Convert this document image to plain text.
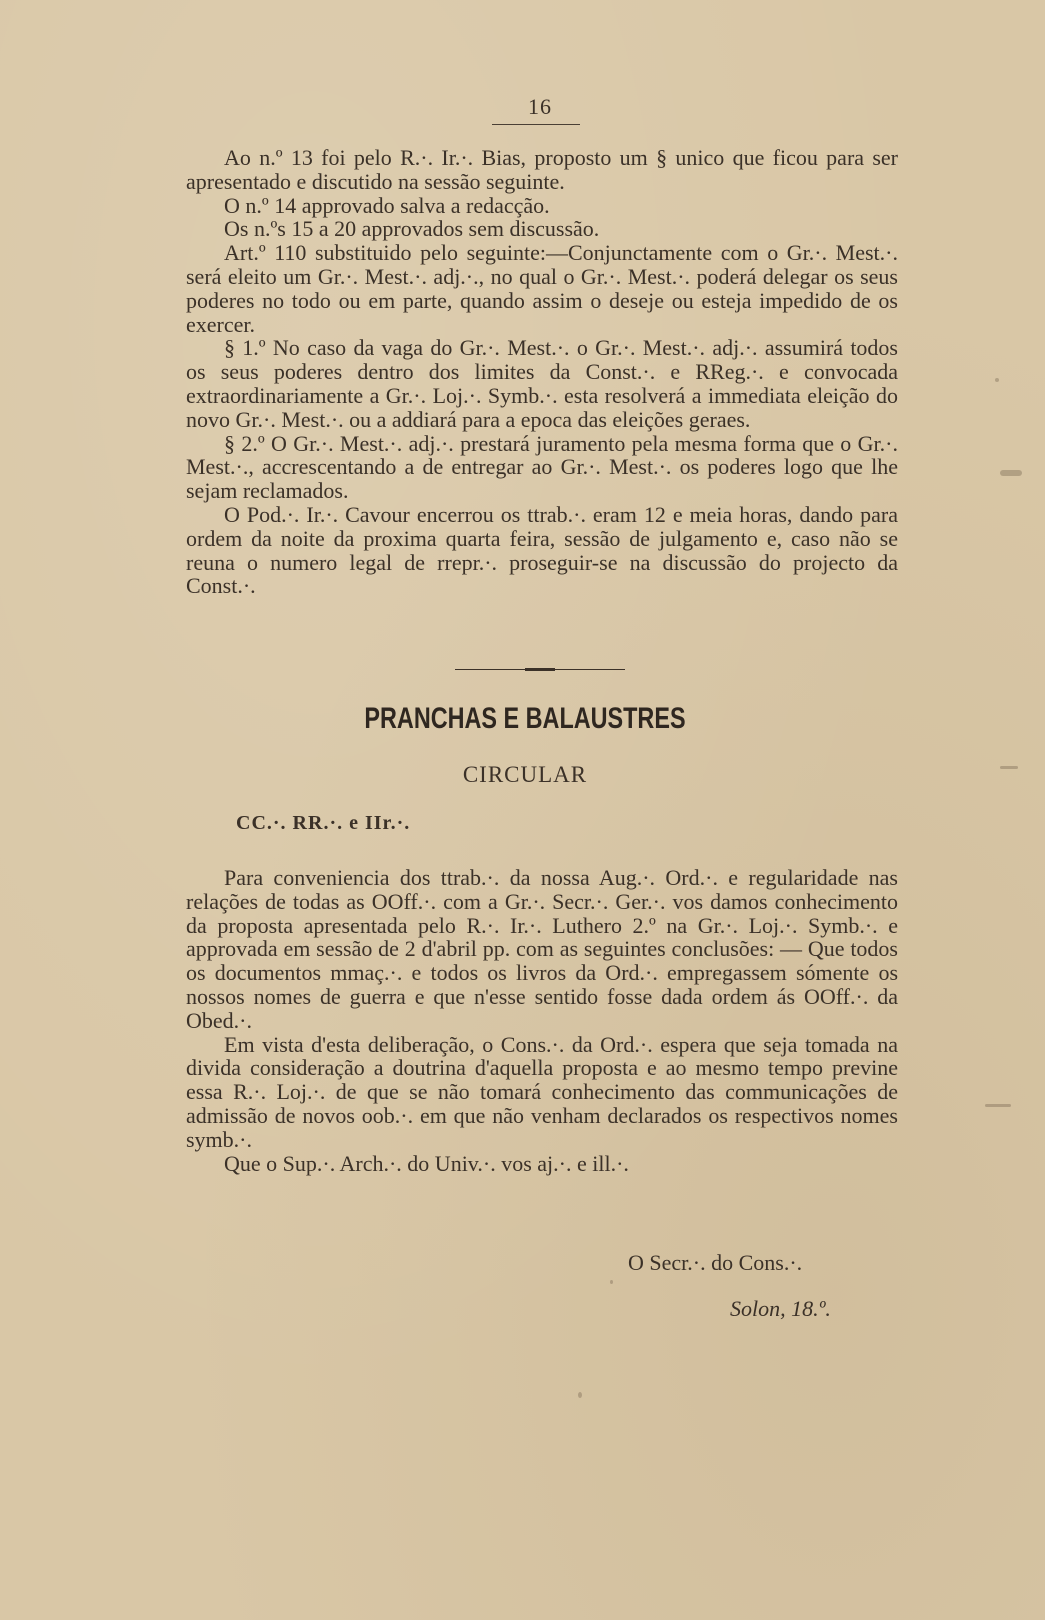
16

Ao n.º 13 foi pelo R.·. Ir.·. Bias, proposto um § unico que ficou para ser apresentado e discutido na sessão seguinte.

O n.º 14 approvado salva a redacção.

Os n.ºs 15 a 20 approvados sem discussão.

Art.º 110 substituido pelo seguinte:—Conjunctamente com o Gr.·. Mest.·. será eleito um Gr.·. Mest.·. adj.·., no qual o Gr.·. Mest.·. poderá delegar os seus poderes no todo ou em parte, quando assim o deseje ou esteja impedido de os exercer.

§ 1.º No caso da vaga do Gr.·. Mest.·. o Gr.·. Mest.·. adj.·. assumirá todos os seus poderes dentro dos limites da Const.·. e RReg.·. e convocada extraordinariamente a Gr.·. Loj.·. Symb.·. esta resolverá a immediata eleição do novo Gr.·. Mest.·. ou a addiará para a epoca das eleições geraes.

§ 2.º O Gr.·. Mest.·. adj.·. prestará juramento pela mesma forma que o Gr.·. Mest.·., accrescentando a de entregar ao Gr.·. Mest.·. os poderes logo que lhe sejam reclamados.

O Pod.·. Ir.·. Cavour encerrou os ttrab.·. eram 12 e meia horas, dando para ordem da noite da proxima quarta feira, sessão de julgamento e, caso não se reuna o numero legal de rrepr.·. proseguir-se na discussão do projecto da Const.·.

PRANCHAS E BALAUSTRES
CIRCULAR
CC.·. RR.·. e IIr.·.

Para conveniencia dos ttrab.·. da nossa Aug.·. Ord.·. e regularidade nas relações de todas as OOff.·. com a Gr.·. Secr.·. Ger.·. vos damos conhecimento da proposta apresentada pelo R.·. Ir.·. Luthero 2.º na Gr.·. Loj.·. Symb.·. e approvada em sessão de 2 d'abril pp. com as seguintes conclusões: — Que todos os documentos mmaç.·. e todos os livros da Ord.·. empregassem sómente os nossos nomes de guerra e que n'esse sentido fosse dada ordem ás OOff.·. da Obed.·.

Em vista d'esta deliberação, o Cons.·. da Ord.·. espera que seja tomada na divida consideração a doutrina d'aquella proposta e ao mesmo tempo previne essa R.·. Loj.·. de que se não tomará conhecimento das communicações de admissão de novos oob.·. em que não venham declarados os respectivos nomes symb.·.

Que o Sup.·. Arch.·. do Univ.·. vos aj.·. e ill.·.

O Secr.·. do Cons.·.
Solon, 18.º.
